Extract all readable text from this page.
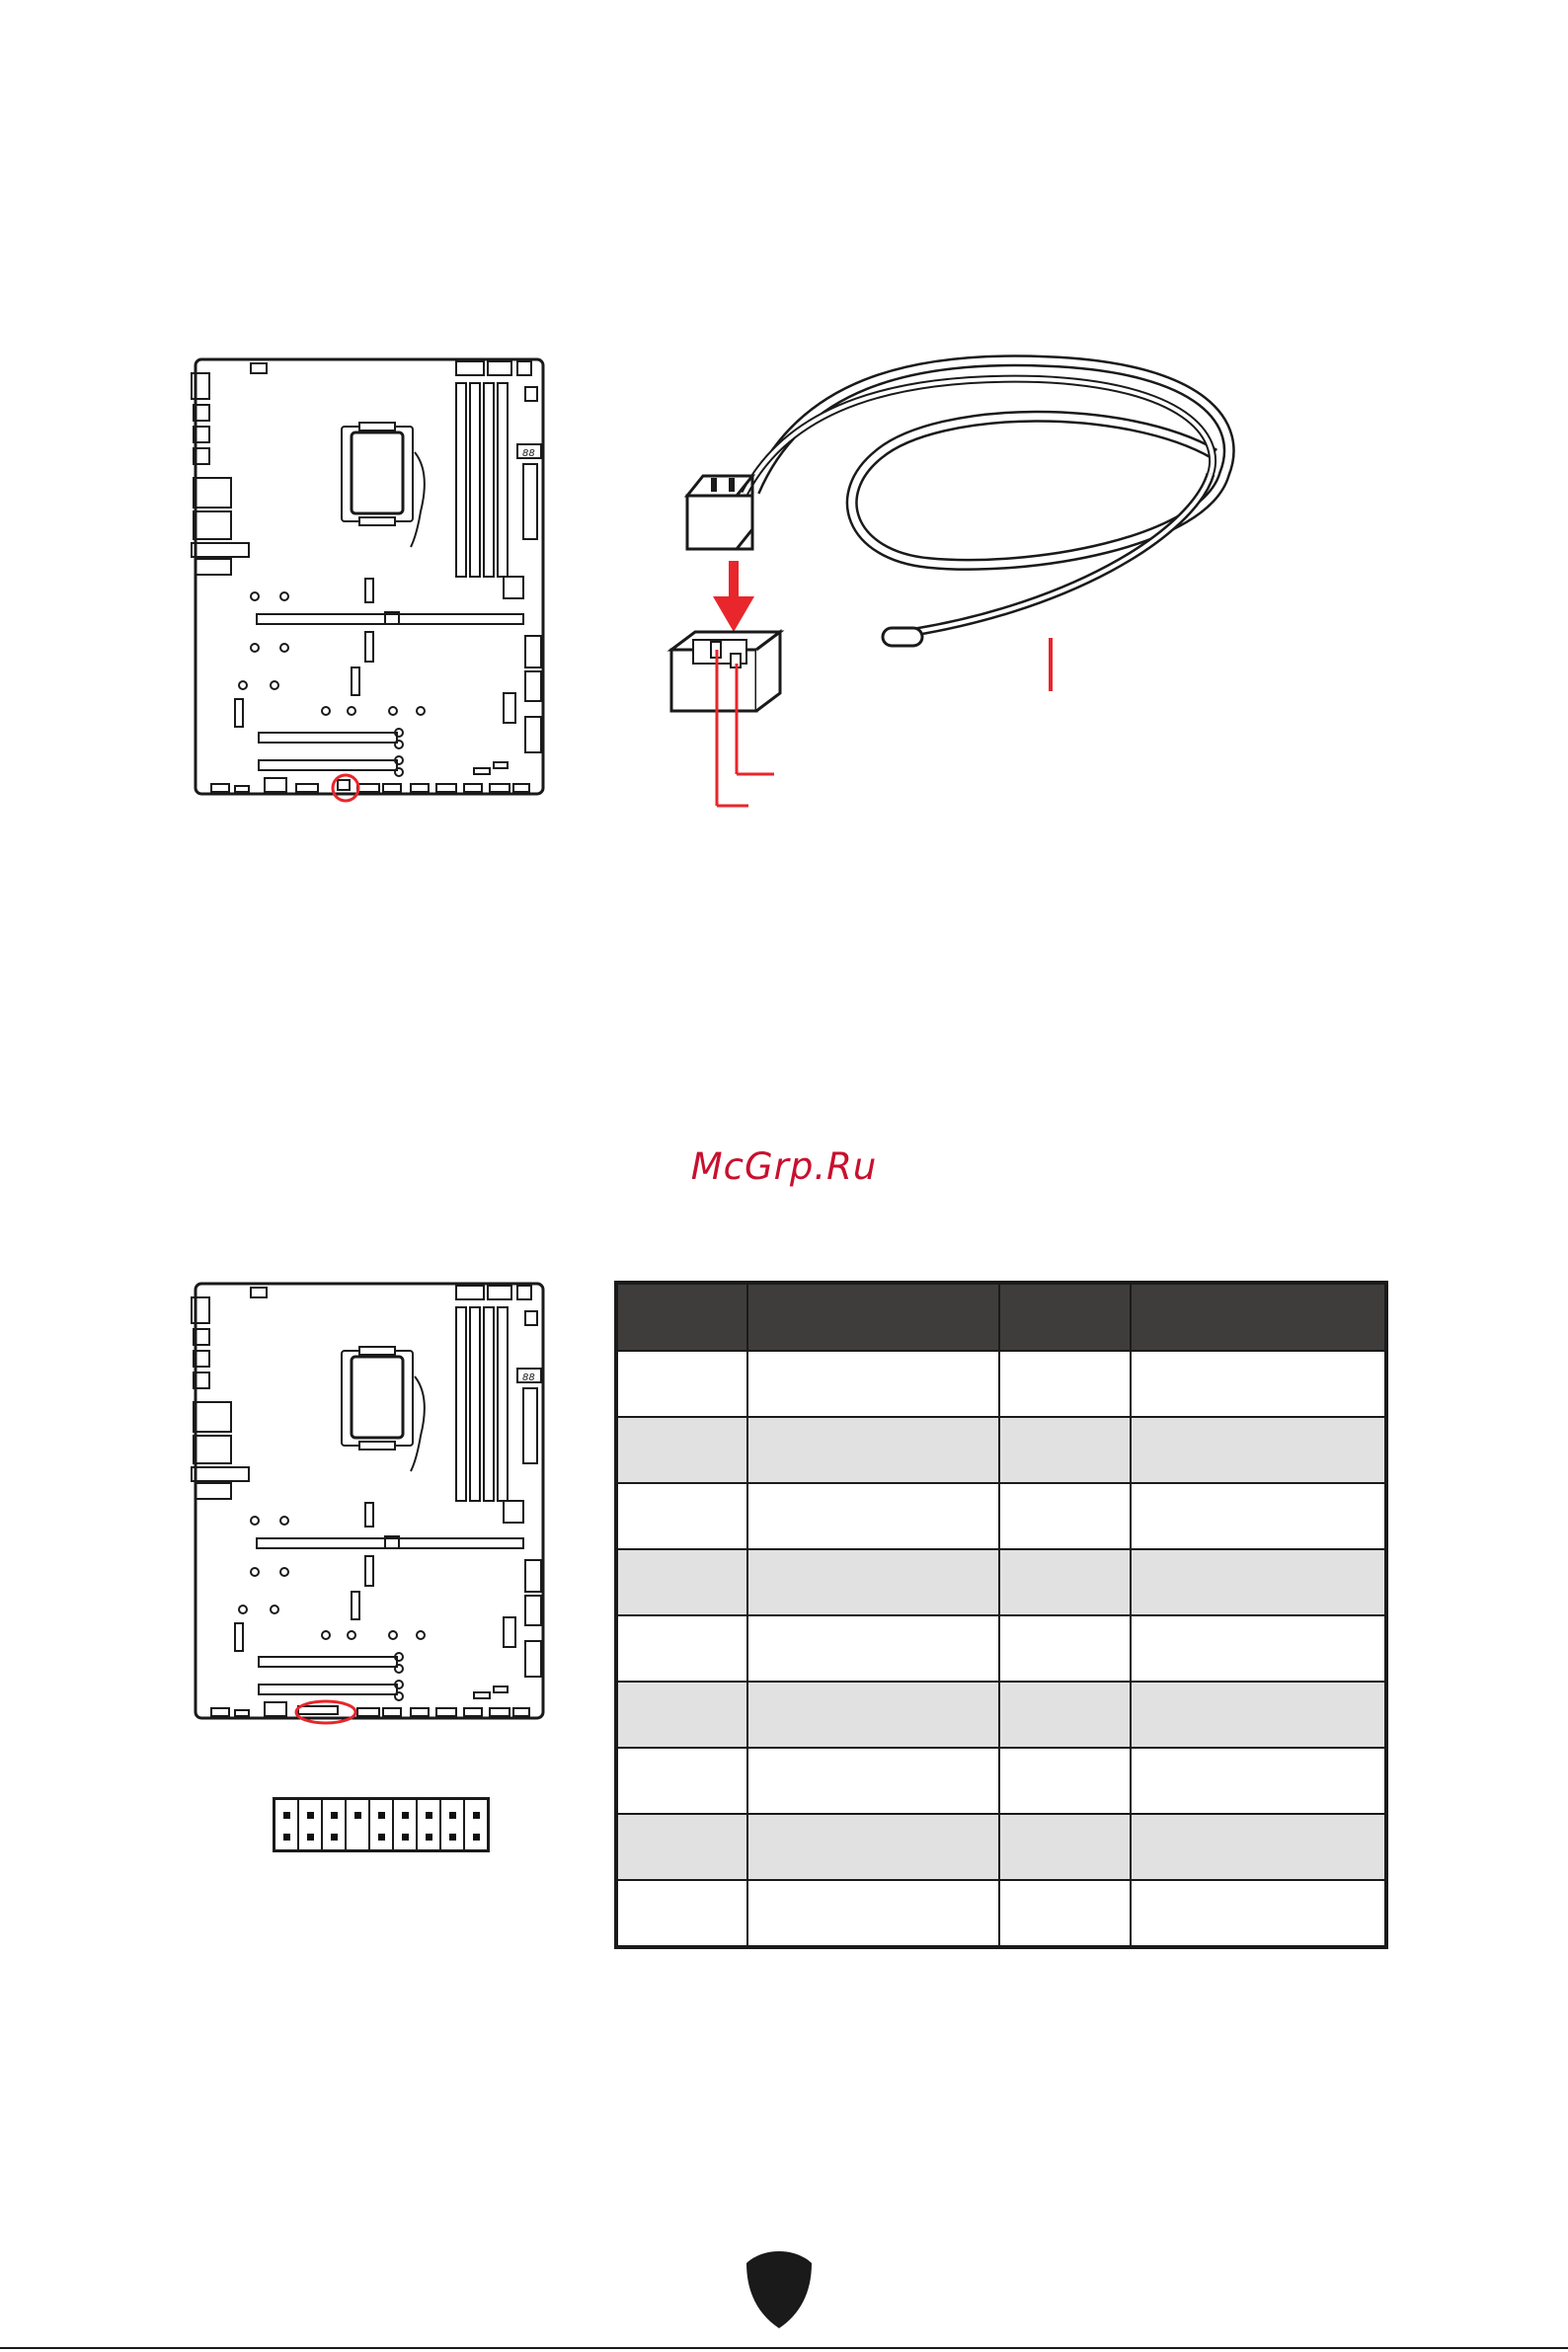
88
McGrp.Ru
88
